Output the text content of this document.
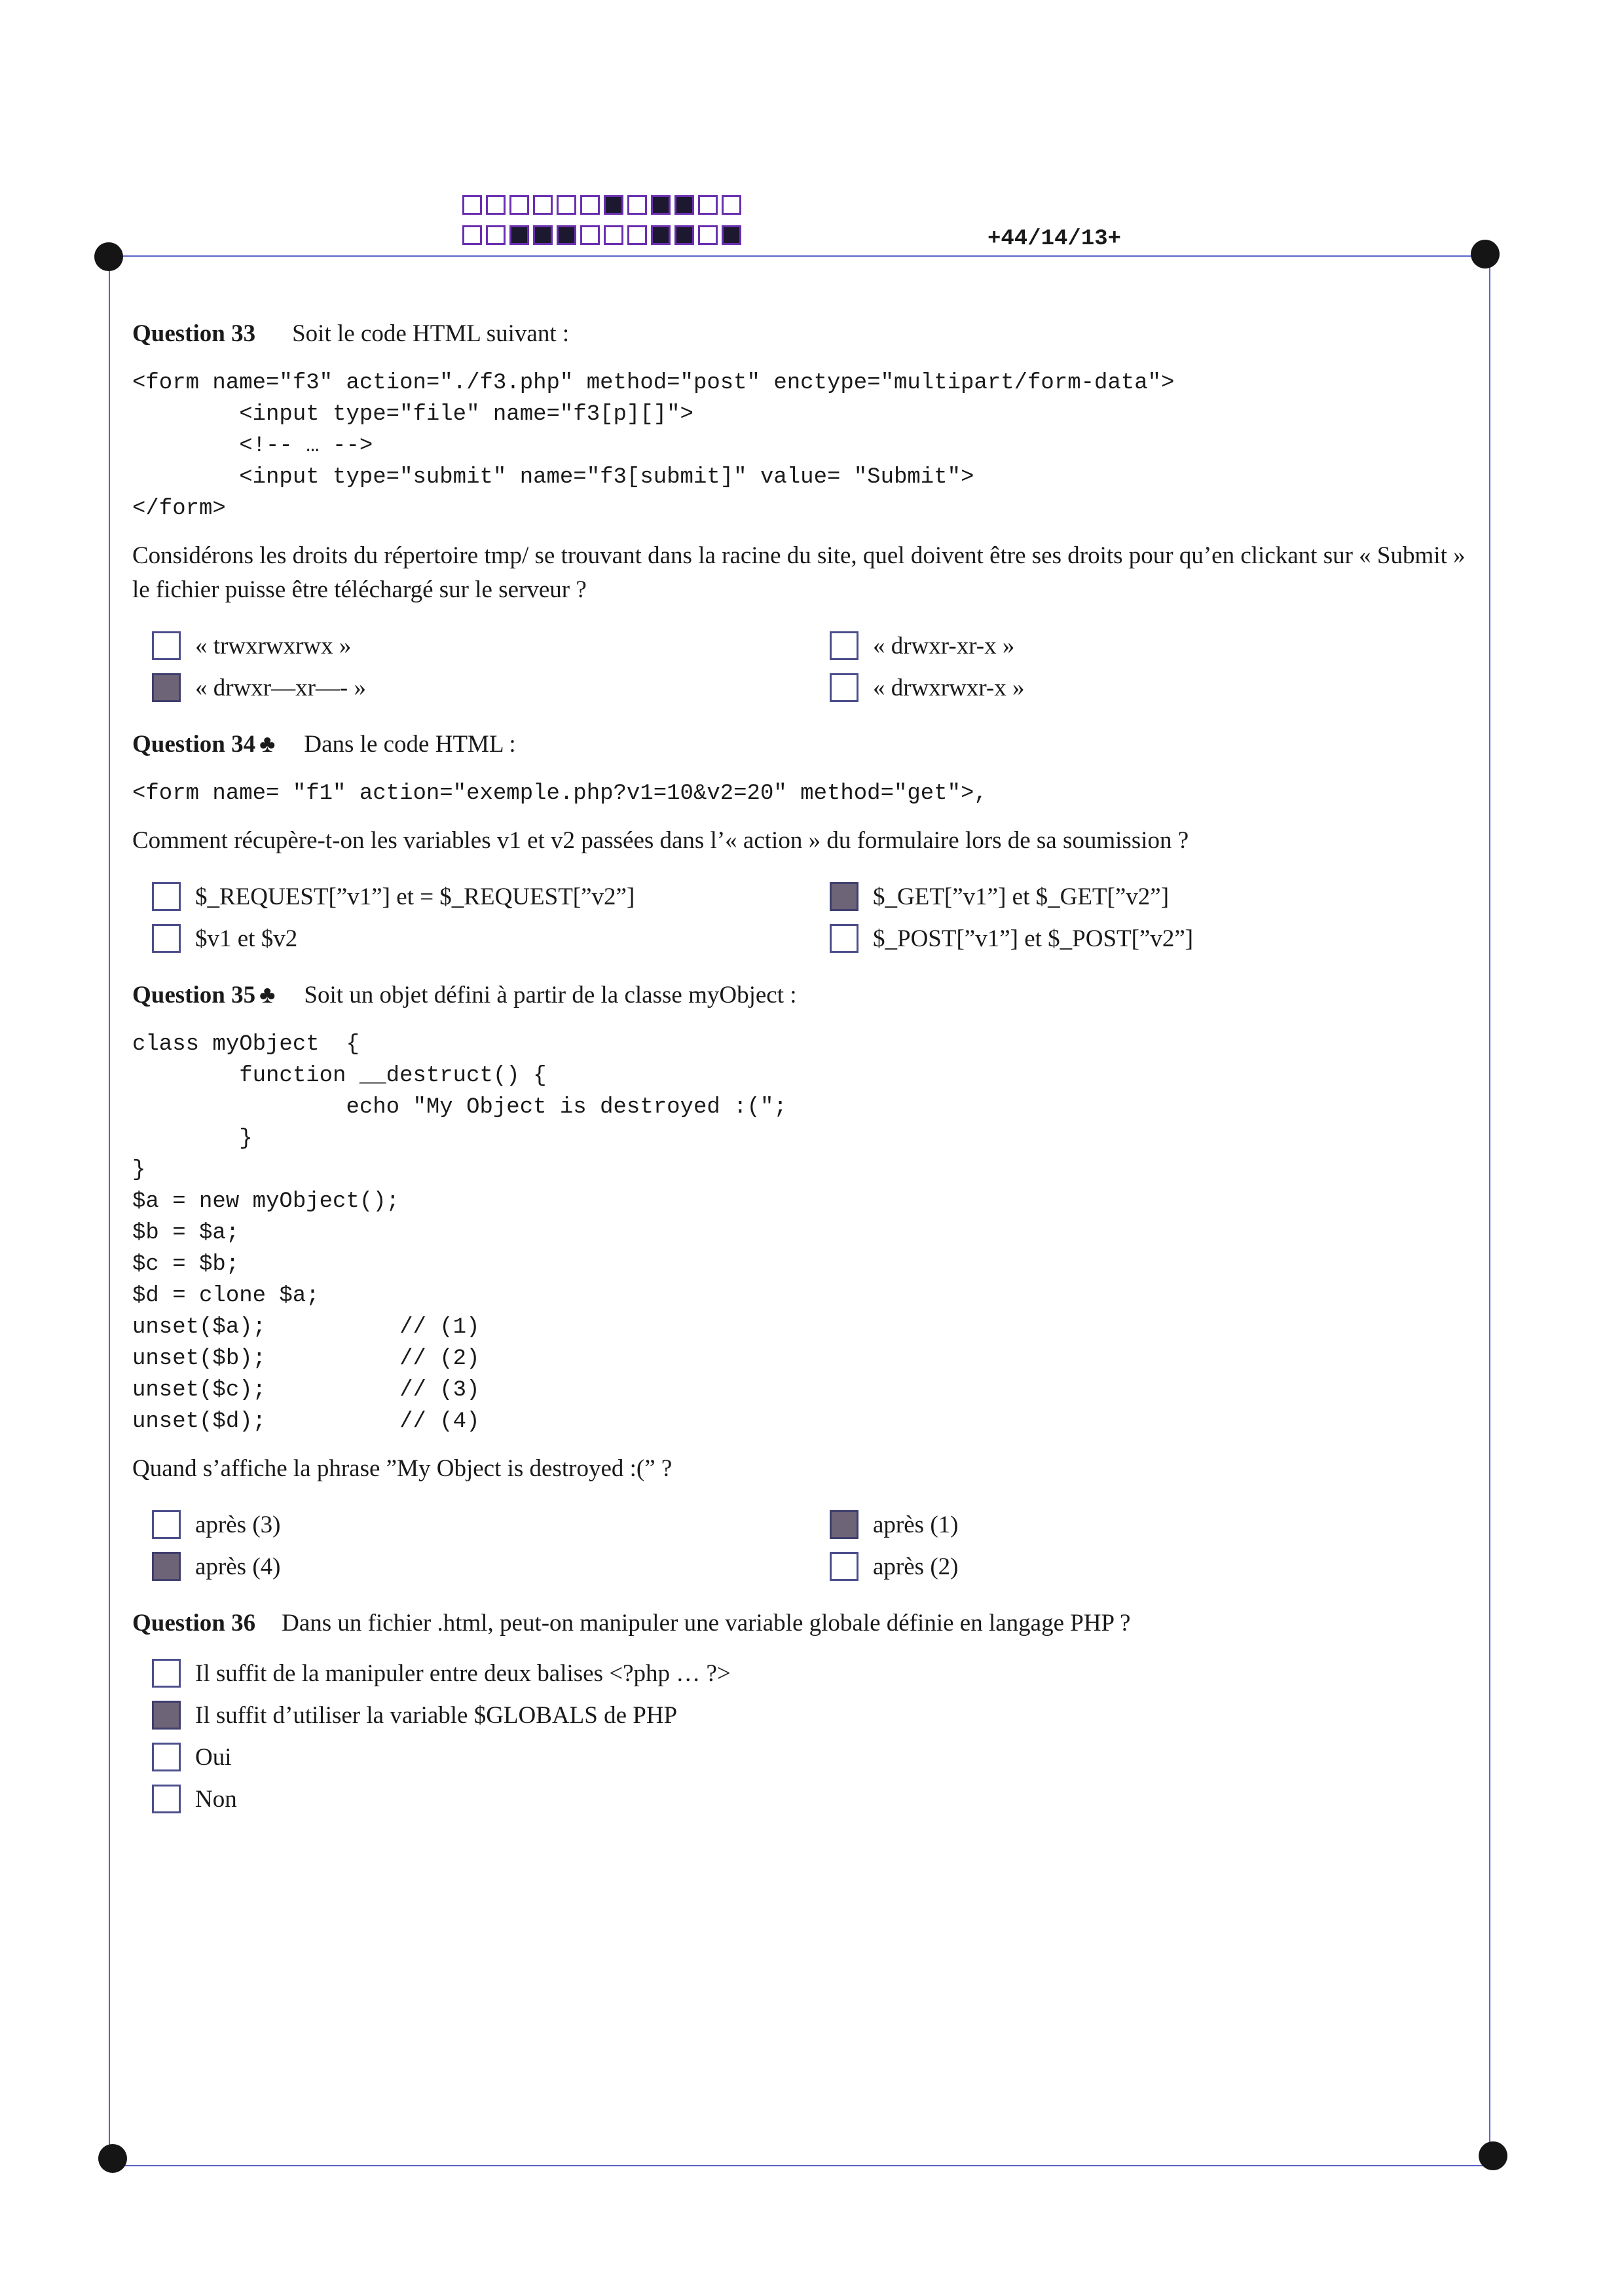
+44/14/13+
Question 33 Soit le code HTML suivant :
<form name="f3" action="./f3.php" method="post" enctype="multipart/form-data">
<input type="file" name="f3[p][]">
<!-- … -->
<input type="submit" name="f3[submit]" value= "Submit">
</form>
Considérons les droits du répertoire tmp/ se trouvant dans la racine du site, quel doivent être ses droits pour qu’en clickant sur « Submit » le fichier puisse être téléchargé sur le serveur ?
« trwxrwxrwx »	« drwxr-xr-x »
« drwxr—xr—- »	« drwxrwxr-x »
Question 34 ♣ Dans le code HTML :
<form name= "f1" action="exemple.php?v1=10&v2=20" method="get">,
Comment récupère-t-on les variables v1 et v2 passées dans l’« action » du formulaire lors de sa soumission ?
$_REQUEST[”v1”] et = $_REQUEST[”v2”]	$_GET[”v1”] et $_GET[”v2”]
$v1 et $v2	$_POST[”v1”] et $_POST[”v2”]
Question 35 ♣ Soit un objet défini à partir de la classe myObject :
class myObject  {
function __destruct() {
echo "My Object is destroyed :(";
}
}
$a = new myObject();
$b = $a;
$c = $b;
$d = clone $a;
unset($a);          // (1)
unset($b);          // (2)
unset($c);          // (3)
unset($d);          // (4)
Quand s’affiche la phrase ”My Object is destroyed :(” ?
après (3)	après (1)
après (4)	après (2)
Question 36 Dans un fichier .html, peut-on manipuler une variable globale définie en langage PHP ?
Il suffit de la manipuler entre deux balises <?php … ?>
Il suffit d’utiliser la variable $GLOBALS de PHP
Oui
Non
